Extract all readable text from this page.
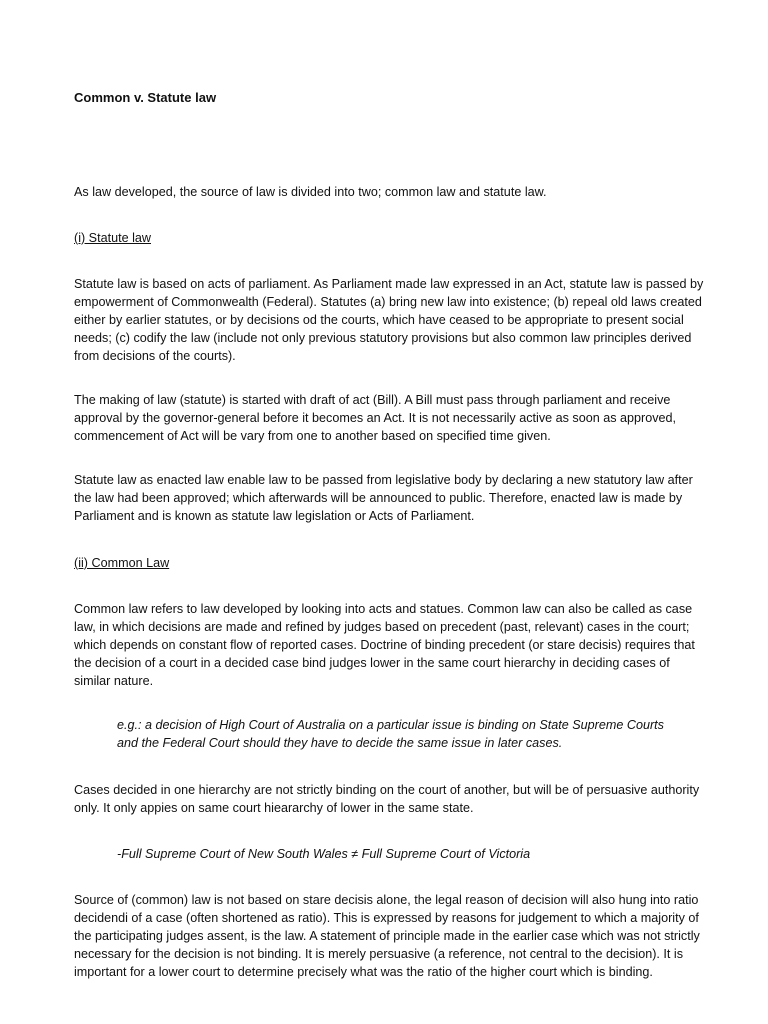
Common v. Statute law

As law developed, the source of law is divided into two; common law and statute law.

(i) Statute law

Statute law is based on acts of parliament. As Parliament made law expressed in an Act, statute law is passed by empowerment of Commonwealth (Federal). Statutes (a) bring new law into existence; (b) repeal old laws created either by earlier statutes, or by decisions od the courts, which have ceased to be appropriate to present social needs; (c) codify the law (include not only previous statutory provisions but also common law principles derived from decisions of the courts).

The making of law (statute) is started with draft of act (Bill). A Bill must pass through parliament and receive approval by the governor-general before it becomes an Act. It is not necessarily active as soon as approved, commencement of Act will be vary from one to another based on specified time given.

Statute law as enacted law enable law to be passed from legislative body by declaring a new statutory law after the law had been approved; which afterwards will be announced to public. Therefore, enacted law is made by Parliament and is known as statute law legislation or Acts of Parliament.

(ii) Common Law

Common law refers to law developed by looking into acts and statues. Common law can also be called as case law, in which decisions are made and refined by judges based on precedent (past, relevant) cases in the court; which depends on constant flow of reported cases. Doctrine of binding precedent (or stare decisis) requires that the decision of a court in a decided case bind judges lower in the same court hierarchy in deciding cases of similar nature.

e.g.: a decision of High Court of Australia on a particular issue is binding on State Supreme Courts and the Federal Court should they have to decide the same issue in later cases.

Cases decided in one hierarchy are not strictly binding on the court of another, but will be of persuasive authority only. It only appies on same court hieararchy of lower in the same state.

-Full Supreme Court of New South Wales ≠ Full Supreme Court of Victoria

Source of (common) law is not based on stare decisis alone, the legal reason of decision will also hung into ratio decidendi of a case (often shortened as ratio). This is expressed by reasons for judgement to which a majority of the participating judges assent, is the law. A statement of principle made in the earlier case which was not strictly necessary for the decision is not binding. It is merely persuasive (a reference, not central to the decision). It is important for a lower court to determine precisely what was the ratio of the higher court which is binding.
